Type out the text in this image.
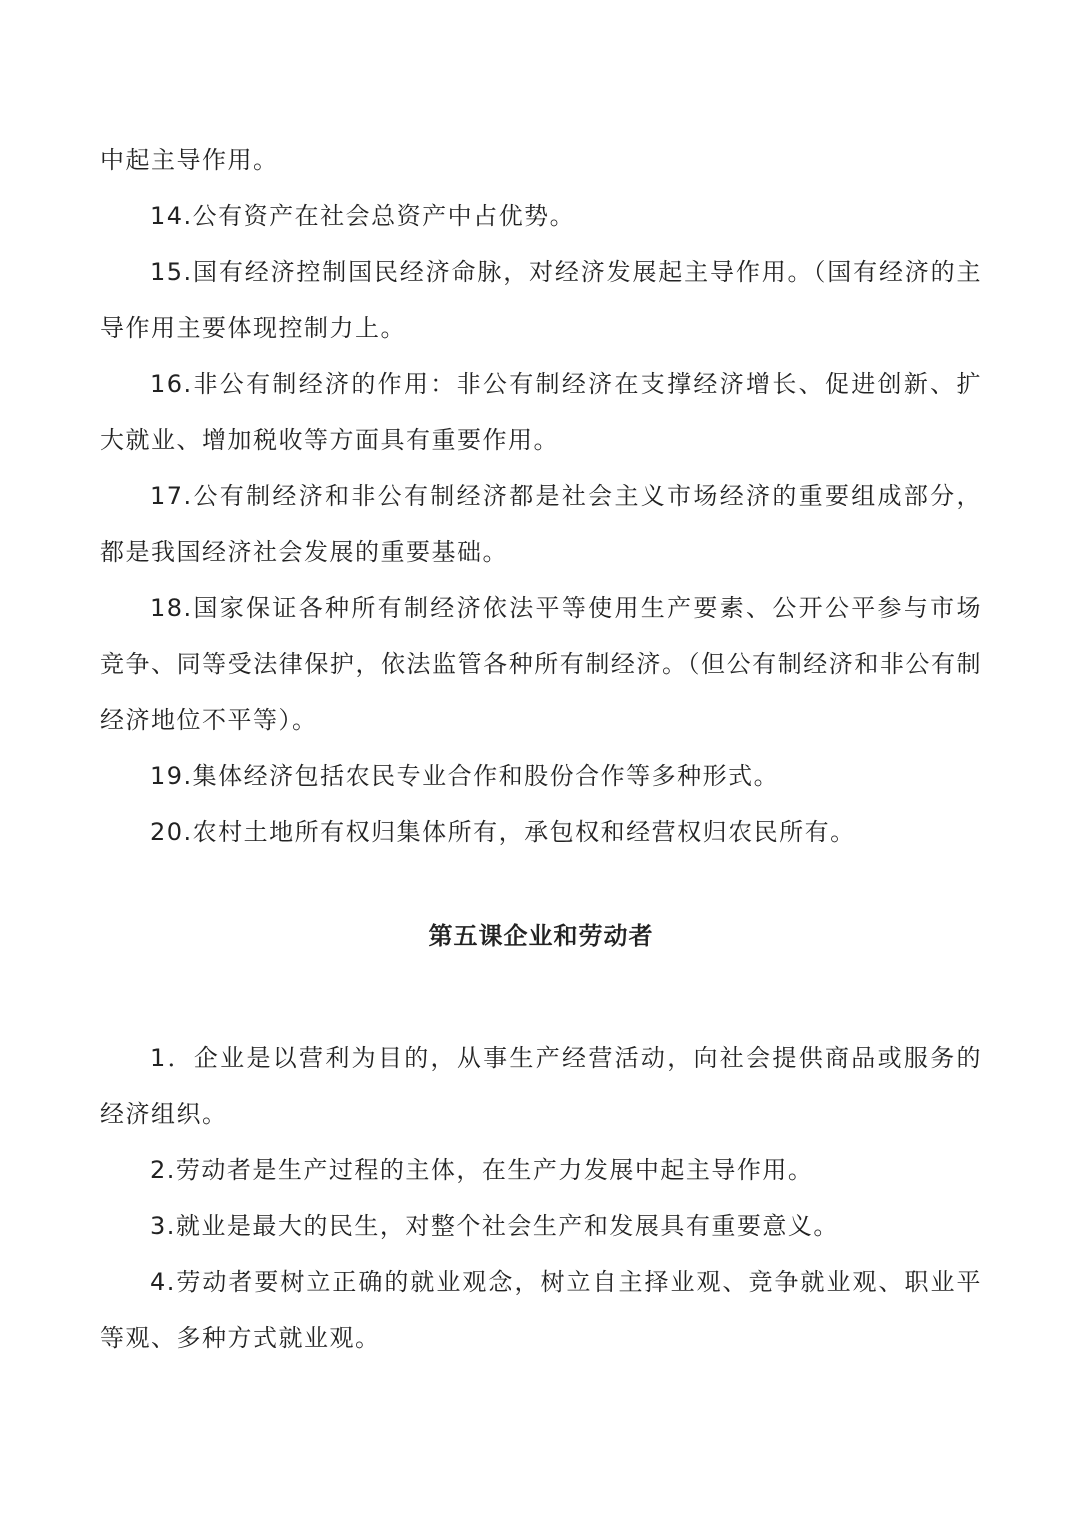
中起主导作用。

14.公有资产在社会总资产中占优势。

15.国有经济控制国民经济命脉，对经济发展起主导作用。（国有经济的主导作用主要体现控制力上。

16.非公有制经济的作用：非公有制经济在支撑经济增长、促进创新、扩大就业、增加税收等方面具有重要作用。

17.公有制经济和非公有制经济都是社会主义市场经济的重要组成部分，都是我国经济社会发展的重要基础。

18.国家保证各种所有制经济依法平等使用生产要素、公开公平参与市场竞争、同等受法律保护，依法监管各种所有制经济。（但公有制经济和非公有制经济地位不平等）。

19.集体经济包括农民专业合作和股份合作等多种形式。

20.农村土地所有权归集体所有，承包权和经营权归农民所有。

第五课企业和劳动者

1．企业是以营利为目的，从事生产经营活动，向社会提供商品或服务的经济组织。

2.劳动者是生产过程的主体，在生产力发展中起主导作用。

3.就业是最大的民生，对整个社会生产和发展具有重要意义。

4.劳动者要树立正确的就业观念，树立自主择业观、竞争就业观、职业平等观、多种方式就业观。
